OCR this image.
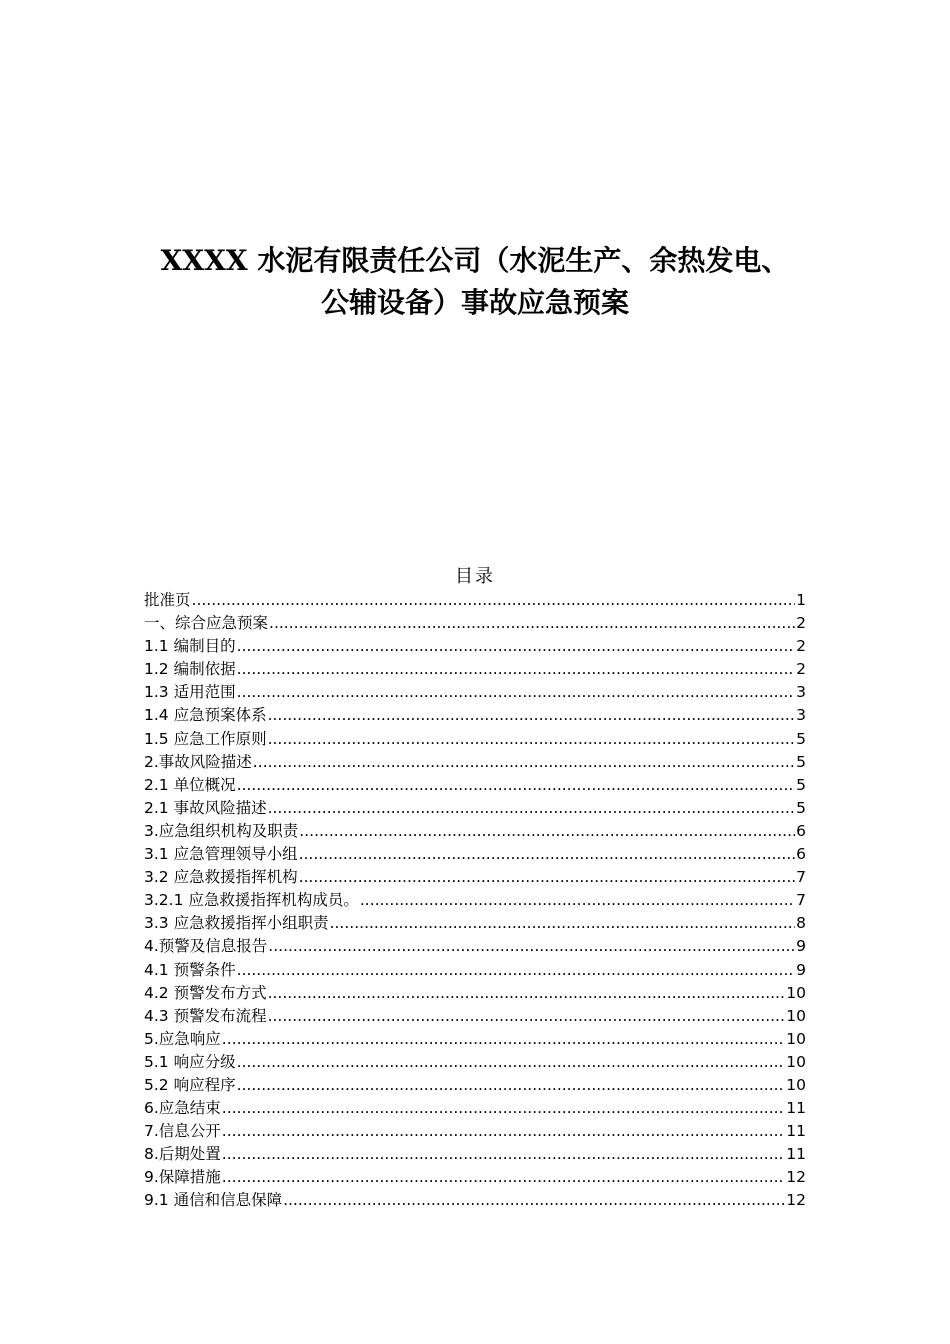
XXXX 水泥有限责任公司（水泥生产、余热发电、
公辅设备）事故应急预案
目录
批准页 .....	1
一、综合应急预案 .....	2
1.1 编制目的 .....	2
1.2 编制依据 .....	2
1.3 适用范围 .....	3
1.4 应急预案体系 .....	3
1.5 应急工作原则 .....	5
2.事故风险描述 .....	5
2.1 单位概况 .....	5
2.1 事故风险描述 .....	5
3.应急组织机构及职责 .....	6
3.1 应急管理领导小组 .....	6
3.2 应急救援指挥机构 .....	7
3.2.1 应急救援指挥机构成员。 .....	7
3.3 应急救援指挥小组职责 .....	8
4.预警及信息报告 .....	9
4.1 预警条件 .....	9
4.2 预警发布方式 .....	10
4.3 预警发布流程 .....	10
5.应急响应 .....	10
5.1 响应分级 .....	10
5.2 响应程序 .....	10
6.应急结束 .....	11
7.信息公开 .....	11
8.后期处置 .....	11
9.保障措施 .....	12
9.1 通信和信息保障 .....	12
